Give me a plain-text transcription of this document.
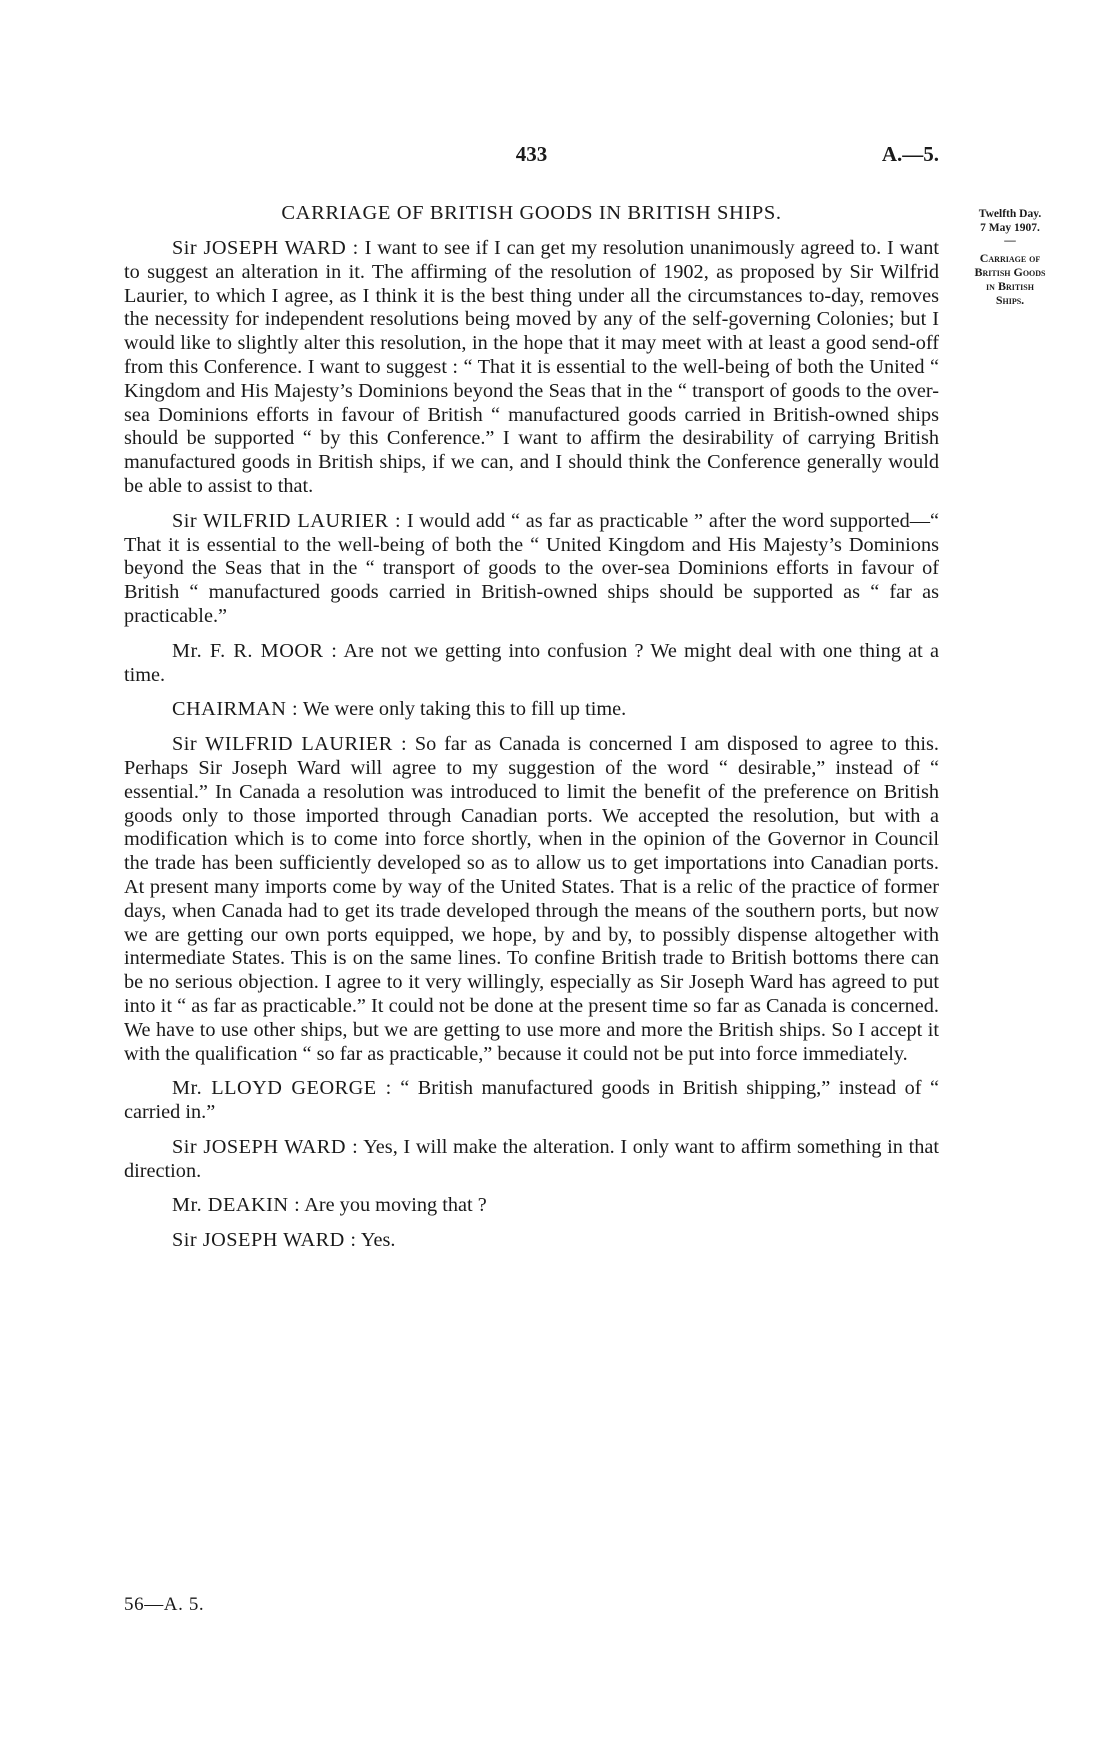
433	A.—5.
CARRIAGE OF BRITISH GOODS IN BRITISH SHIPS.	Twelfth Day.
7 May 1907.
—
Carriage of
British Goods
in British
Ships.

Sir JOSEPH WARD : I want to see if I can get my resolution unanimously agreed to. I want to suggest an alteration in it. The affirming of the resolution of 1902, as proposed by Sir Wilfrid Laurier, to which I agree, as I think it is the best thing under all the circumstances to-day, removes the necessity for independent resolutions being moved by any of the self-governing Colonies; but I would like to slightly alter this resolution, in the hope that it may meet with at least a good send-off from this Conference. I want to suggest : “ That it is essential to the well-being of both the United “ Kingdom and His Majesty’s Dominions beyond the Seas that in the “ transport of goods to the over-sea Dominions efforts in favour of British “ manufactured goods carried in British-owned ships should be supported “ by this Conference.” I want to affirm the desirability of carrying British manufactured goods in British ships, if we can, and I should think the Conference generally would be able to assist to that.

Sir WILFRID LAURIER : I would add “ as far as practicable ” after the word supported—“ That it is essential to the well-being of both the “ United Kingdom and His Majesty’s Dominions beyond the Seas that in the “ transport of goods to the over-sea Dominions efforts in favour of British “ manufactured goods carried in British-owned ships should be supported as “ far as practicable.”

Mr. F. R. MOOR : Are not we getting into confusion ? We might deal with one thing at a time.

CHAIRMAN : We were only taking this to fill up time.

Sir WILFRID LAURIER : So far as Canada is concerned I am disposed to agree to this. Perhaps Sir Joseph Ward will agree to my suggestion of the word “ desirable,” instead of “ essential.” In Canada a resolution was introduced to limit the benefit of the preference on British goods only to those imported through Canadian ports. We accepted the resolution, but with a modification which is to come into force shortly, when in the opinion of the Governor in Council the trade has been sufficiently developed so as to allow us to get importations into Canadian ports. At present many imports come by way of the United States. That is a relic of the practice of former days, when Canada had to get its trade developed through the means of the southern ports, but now we are getting our own ports equipped, we hope, by and by, to possibly dispense altogether with intermediate States. This is on the same lines. To confine British trade to British bottoms there can be no serious objection. I agree to it very willingly, especially as Sir Joseph Ward has agreed to put into it “ as far as practicable.” It could not be done at the present time so far as Canada is concerned. We have to use other ships, but we are getting to use more and more the British ships. So I accept it with the qualification “ so far as practicable,” because it could not be put into force immediately.

Mr. LLOYD GEORGE : “ British manufactured goods in British shipping,” instead of “ carried in.”

Sir JOSEPH WARD : Yes, I will make the alteration. I only want to affirm something in that direction.

Mr. DEAKIN : Are you moving that ?

Sir JOSEPH WARD : Yes.

56—A. 5.
